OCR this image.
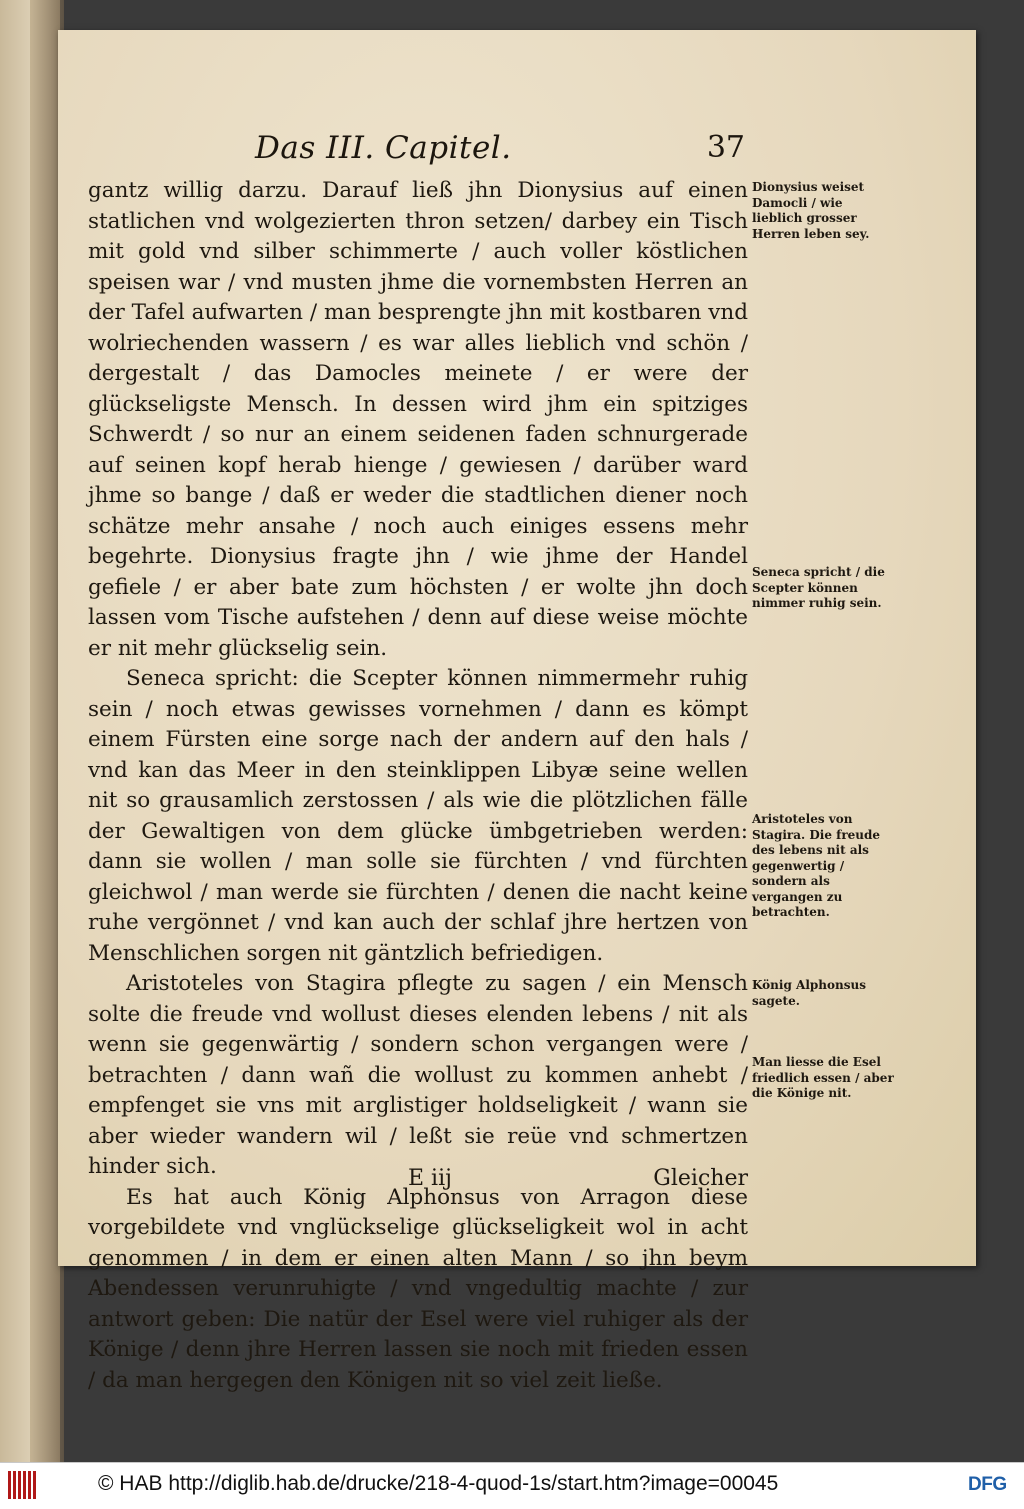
Das III. Capitel.	37

gantz willig darzu. Darauf ließ jhn Dionysius auf einen statlichen vnd wolgezierten thron setzen/ darbey ein Tisch mit gold vnd silber schimmerte / auch voller köstlichen speisen war / vnd musten jhme die vornembsten Herren an der Tafel aufwarten / man besprengte jhn mit kostbaren vnd wolriechenden wassern / es war alles lieblich vnd schön / dergestalt / das Damocles meinete / er were der glückseligste Mensch. In dessen wird jhm ein spitziges Schwerdt / so nur an einem seidenen faden schnurgerade auf seinen kopf herab hienge / gewiesen / darüber ward jhme so bange / daß er weder die stadtlichen diener noch schätze mehr ansahe / noch auch einiges essens mehr begehrte. Dionysius fragte jhn / wie jhme der Handel gefiele / er aber bate zum höchsten / er wolte jhn doch lassen vom Tische aufstehen / denn auf diese weise möchte er nit mehr glückselig sein.

Seneca spricht: die Scepter können nimmermehr ruhig sein / noch etwas gewisses vornehmen / dann es kömpt einem Fürsten eine sorge nach der andern auf den hals / vnd kan das Meer in den steinklippen Libyæ seine wellen nit so grausamlich zerstossen / als wie die plötzlichen fälle der Gewaltigen von dem glücke ümbgetrieben werden: dann sie wollen / man solle sie fürchten / vnd fürchten gleichwol / man werde sie fürchten / denen die nacht keine ruhe vergönnet / vnd kan auch der schlaf jhre hertzen von Menschlichen sorgen nit gäntzlich befriedigen.

Aristoteles von Stagira pflegte zu sagen / ein Mensch solte die freude vnd wollust dieses elenden lebens / nit als wenn sie gegenwärtig / sondern schon vergangen were / betrachten / dann wañ die wollust zu kommen anhebt / empfenget sie vns mit arglistiger holdseligkeit / wann sie aber wieder wandern wil / leßt sie reüe vnd schmertzen hinder sich.

Es hat auch König Alphonsus von Arragon diese vorgebildete vnd vnglückselige glückseligkeit wol in acht genommen / in dem er einen alten Mann / so jhn beym Abendessen verunruhigte / vnd vngedultig machte / zur antwort geben: Die natür der Esel were viel ruhiger als der Könige / denn jhre Herren lassen sie noch mit frieden essen / da man hergegen den Königen nit so viel zeit ließe.

Dionysius weiset Damocli / wie lieblich grosser Herren leben sey.
Seneca spricht / die Scepter können nimmer ruhig sein.
Aristoteles von Stagira. Die freude des lebens nit als gegenwertig / sondern als vergangen zu betrachten.
König Alphonsus sagete.
Man liesse die Esel friedlich essen / aber die Könige nit.
E iij	Gleicher
© HAB http://diglib.hab.de/drucke/218-4-quod-1s/start.htm?image=00045	DFG
